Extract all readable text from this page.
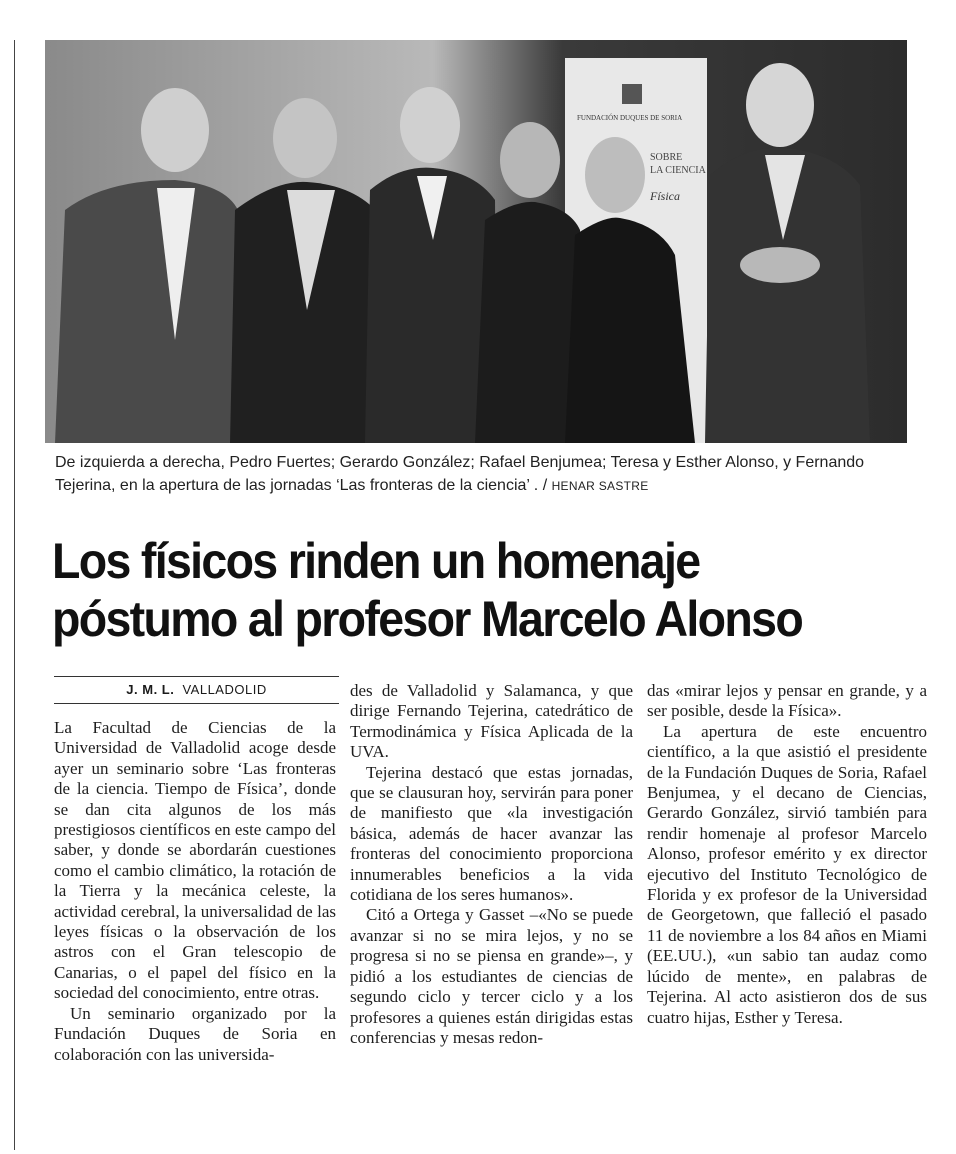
FUNDACIÓN DUQUES DE SORIA
SOBRE
LA CIENCIA
Física
De izquierda a derecha, Pedro Fuertes; Gerardo González; Rafael Benjumea; Teresa y Esther Alonso, y Fernando Tejerina, en la apertura de las jornadas ‘Las fronteras de la ciencia’ . / HENAR SASTRE
Los físicos rinden un homenaje póstumo al profesor Marcelo Alonso
J. M. L. VALLADOLID

La Facultad de Ciencias de la Universidad de Valladolid acoge desde ayer un seminario sobre ‘Las fronteras de la ciencia. Tiempo de Física’, donde se dan cita algunos de los más prestigiosos científicos en este campo del saber, y donde se abordarán cuestiones como el cambio climático, la rotación de la Tierra y la mecánica celeste, la actividad cerebral, la universalidad de las leyes físicas o la observación de los astros con el Gran telescopio de Canarias, o el papel del físico en la sociedad del conocimiento, entre otras.

Un seminario organizado por la Fundación Duques de Soria en colaboración con las universida-

des de Valladolid y Salamanca, y que dirige Fernando Tejerina, catedrático de Termodinámica y Física Aplicada de la UVA.

Tejerina destacó que estas jornadas, que se clausuran hoy, servirán para poner de manifiesto que «la investigación básica, además de hacer avanzar las fronteras del conocimiento proporciona innumerables beneficios a la vida cotidiana de los seres humanos».

Citó a Ortega y Gasset –«No se puede avanzar si no se mira lejos, y no se progresa si no se piensa en grande»–, y pidió a los estudiantes de ciencias de segundo ciclo y tercer ciclo y a los profesores a quienes están dirigidas estas conferencias y mesas redon-

das «mirar lejos y pensar en grande, y a ser posible, desde la Física».

La apertura de este encuentro científico, a la que asistió el presidente de la Fundación Duques de Soria, Rafael Benjumea, y el decano de Ciencias, Gerardo González, sirvió también para rendir homenaje al profesor Marcelo Alonso, profesor emérito y ex director ejecutivo del Instituto Tecnológico de Florida y ex profesor de la Universidad de Georgetown, que falleció el pasado 11 de noviembre a los 84 años en Miami (EE.UU.), «un sabio tan audaz como lúcido de mente», en palabras de Tejerina. Al acto asistieron dos de sus cuatro hijas, Esther y Teresa.
